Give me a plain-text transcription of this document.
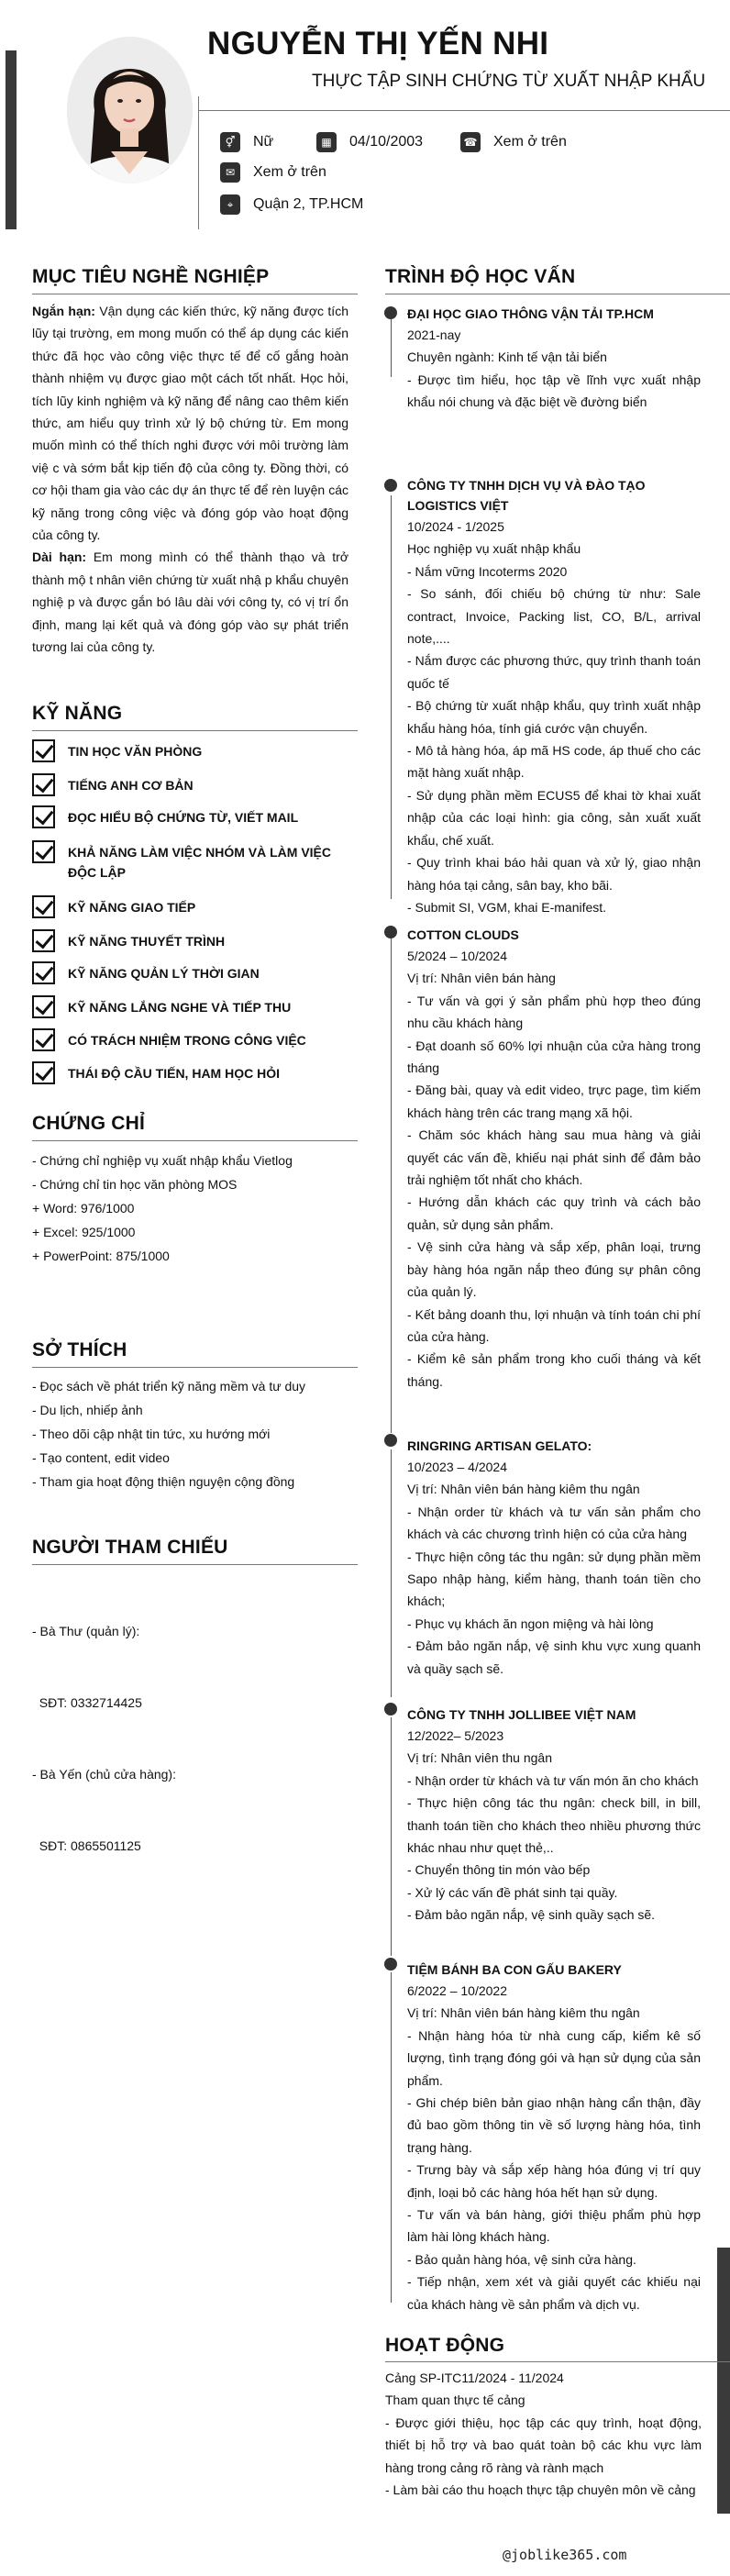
NGUYỄN THỊ YẾN NHI
THỰC TẬP SINH CHỨNG TỪ XUẤT NHẬP KHẨU
⚥	Nữ	▦	04/10/2003	☎ Xem ở trên
✉	Xem ở trên
⌖	Quận 2, TP.HCM
MỤC TIÊU NGHỀ NGHIỆP
Ngắn hạn: Vận dụng các kiến thức, kỹ năng được tích lũy tại trường, em mong muốn có thể áp dụng các kiến thức đã học vào công việc thực tế để cố gắng hoàn thành nhiệm vụ được giao một cách tốt nhất. Học hỏi, tích lũy kinh nghiệm và kỹ năng để nâng cao thêm kiến thức, am hiểu quy trình xử lý bộ chứng từ. Em mong muốn mình có thể thích nghi được với môi trường làm việ c và sớm bắt kịp tiến độ của công ty. Đồng thời, có cơ hội tham gia vào các dự án thực tế để rèn luyện các kỹ năng trong công việc và đóng góp vào hoạt động của công ty.
Dài hạn: Em mong mình có thể thành thạo và trở thành mộ t nhân viên chứng từ xuất nhậ p khẩu chuyên nghiệ p và được gắn bó lâu dài với công ty, có vị trí ổn định, mang lại kết quả và đóng góp vào sự phát triển tương lai của công ty.
KỸ NĂNG
TIN HỌC VĂN PHÒNG
TIẾNG ANH CƠ BẢN
ĐỌC HIỂU BỘ CHỨNG TỪ, VIẾT MAIL
KHẢ NĂNG LÀM VIỆC NHÓM VÀ LÀM VIỆC ĐỘC LẬP
KỸ NĂNG GIAO TIẾP
KỸ NĂNG THUYẾT TRÌNH
KỸ NĂNG QUẢN LÝ THỜI GIAN
KỸ NĂNG LẮNG NGHE VÀ TIẾP THU
CÓ TRÁCH NHIỆM TRONG CÔNG VIỆC
THÁI ĐỘ CẦU TIẾN, HAM HỌC HỎI
CHỨNG CHỈ
- Chứng chỉ nghiệp vụ xuất nhập khẩu Vietlog
- Chứng chỉ tin học văn phòng MOS
+ Word: 976/1000
+ Excel: 925/1000
+ PowerPoint: 875/1000
SỞ THÍCH
- Đọc sách về phát triển kỹ năng mềm và tư duy
- Du lịch, nhiếp ảnh
- Theo dõi cập nhật tin tức, xu hướng mới
- Tạo content, edit video
- Tham gia hoạt động thiện nguyện cộng đồng
NGƯỜI THAM CHIẾU

- Bà Thư (quản lý):

SĐT: 0332714425

- Bà Yến (chủ cửa hàng):

SĐT: 0865501125

TRÌNH ĐỘ HỌC VẤN
ĐẠI HỌC GIAO THÔNG VẬN TẢI TP.HCM
2021-nay
Chuyên ngành: Kinh tế vận tải biển
- Được tìm hiểu, học tập về lĩnh vực xuất nhập khẩu nói chung và đặc biệt về đường biển
CÔNG TY TNHH DỊCH VỤ VÀ ĐÀO TẠO LOGISTICS VIỆT
10/2024 - 1/2025
Học nghiệp vụ xuất nhập khẩu
- Nắm vững Incoterms 2020
- So sánh, đối chiếu bộ chứng từ như: Sale contract, Invoice, Packing list, CO, B/L, arrival note,....
- Nắm được các phương thức, quy trình thanh toán quốc tế
- Bộ chứng từ xuất nhập khẩu, quy trình xuất nhập khẩu hàng hóa, tính giá cước vận chuyển.
- Mô tả hàng hóa, áp mã HS code, áp thuế cho các mặt hàng xuất nhập.
- Sử dụng phần mềm ECUS5 để khai tờ khai xuất nhập của các loại hình: gia công, sản xuất xuất khẩu, chế xuất.
- Quy trình khai báo hải quan và xử lý, giao nhận hàng hóa tại cảng, sân bay, kho bãi.
- Submit SI, VGM, khai E-manifest.
COTTON CLOUDS
5/2024 – 10/2024
Vị trí: Nhân viên bán hàng
- Tư vấn và gợi ý sản phẩm phù hợp theo đúng nhu cầu khách hàng
- Đạt doanh số 60% lợi nhuận của cửa hàng trong tháng
- Đăng bài, quay và edit video, trực page, tìm kiếm khách hàng trên các trang mạng xã hội.
- Chăm sóc khách hàng sau mua hàng và giải quyết các vấn đề, khiếu nại phát sinh để đảm bảo trải nghiệm tốt nhất cho khách.
- Hướng dẫn khách các quy trình và cách bảo quản, sử dụng sản phẩm.
- Vệ sinh cửa hàng và sắp xếp, phân loại, trưng bày hàng hóa ngăn nắp theo đúng sự phân công của quản lý.
- Kết bảng doanh thu, lợi nhuận và tính toán chi phí của cửa hàng.
- Kiểm kê sản phẩm trong kho cuối tháng và kết tháng.
RINGRING ARTISAN GELATO:
10/2023 – 4/2024
Vị trí: Nhân viên bán hàng kiêm thu ngân
- Nhận order từ khách và tư vấn sản phẩm cho khách và các chương trình hiện có của cửa hàng
- Thực hiện công tác thu ngân: sử dụng phần mềm Sapo nhập hàng, kiểm hàng, thanh toán tiền cho khách;
- Phục vụ khách ăn ngon miệng và hài lòng
- Đảm bảo ngăn nắp, vệ sinh khu vực xung quanh và quầy sạch sẽ.
CÔNG TY TNHH JOLLIBEE VIỆT NAM
12/2022– 5/2023
Vị trí: Nhân viên thu ngân
- Nhận order từ khách và tư vấn món ăn cho khách
- Thực hiện công tác thu ngân: check bill, in bill, thanh toán tiền cho khách theo nhiều phương thức khác nhau như quẹt thẻ,..
- Chuyển thông tin món vào bếp
- Xử lý các vấn đề phát sinh tại quầy.
- Đảm bảo ngăn nắp, vệ sinh quầy sạch sẽ.
TIỆM BÁNH BA CON GẤU BAKERY
6/2022 – 10/2022
Vị trí: Nhân viên bán hàng kiêm thu ngân
- Nhận hàng hóa từ nhà cung cấp, kiểm kê số lượng, tình trạng đóng gói và hạn sử dụng của sản phẩm.
- Ghi chép biên bản giao nhận hàng cẩn thận, đầy đủ bao gồm thông tin về số lượng hàng hóa, tình trạng hàng.
- Trưng bày và sắp xếp hàng hóa đúng vị trí quy định, loại bỏ các hàng hóa hết hạn sử dụng.
- Tư vấn và bán hàng, giới thiệu phẩm phù hợp làm hài lòng khách hàng.
- Bảo quản hàng hóa, vệ sinh cửa hàng.
- Tiếp nhận, xem xét và giải quyết các khiếu nại của khách hàng về sản phẩm và dịch vụ.
HOẠT ĐỘNG
Cảng SP-ITC11/2024 - 11/2024
Tham quan thực tế cảng
- Được giới thiệu, học tập các quy trình, hoạt động, thiết bị hỗ trợ và bao quát toàn bộ các khu vực làm hàng trong cảng rõ ràng và rành mạch
- Làm bài cáo thu hoạch thực tập chuyên môn về cảng
@joblike365.com
